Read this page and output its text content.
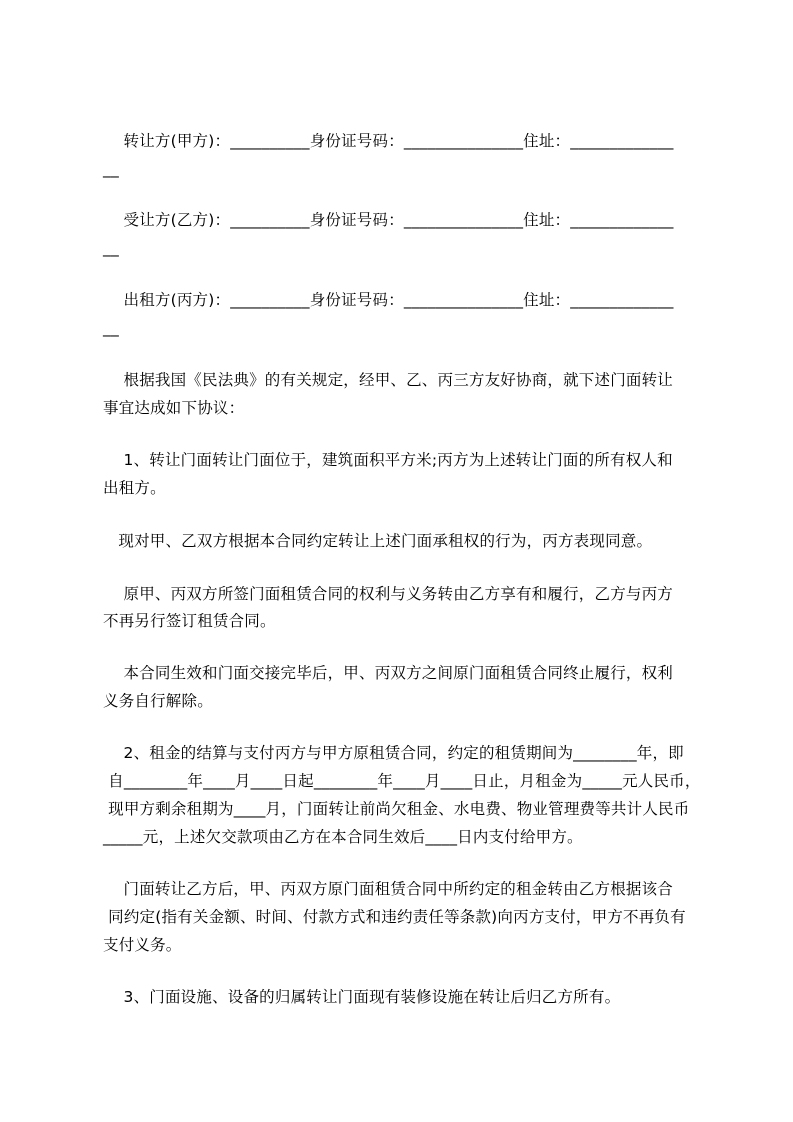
转让方(甲方)：__________身份证号码：_______________住址：_____________
__
受让方(乙方)：__________身份证号码：_______________住址：_____________
__
出租方(丙方)：__________身份证号码：_______________住址：_____________
__
根据我国《民法典》的有关规定，经甲、乙、丙三方友好协商，就下述门面转让
事宜达成如下协议：
1、转让门面转让门面位于，建筑面积平方米;丙方为上述转让门面的所有权人和
出租方。
现对甲、乙双方根据本合同约定转让上述门面承租权的行为，丙方表现同意。
原甲、丙双方所签门面租赁合同的权利与义务转由乙方享有和履行，乙方与丙方
不再另行签订租赁合同。
本合同生效和门面交接完毕后，甲、丙双方之间原门面租赁合同终止履行，权利
义务自行解除。
2、租金的结算与支付丙方与甲方原租赁合同，约定的租赁期间为________年，即
自________年____月____日起________年____月____日止，月租金为_____元人民币，
现甲方剩余租期为____月，门面转让前尚欠租金、水电费、物业管理费等共计人民币
_____元，上述欠交款项由乙方在本合同生效后____日内支付给甲方。
门面转让乙方后，甲、丙双方原门面租赁合同中所约定的租金转由乙方根据该合
同约定(指有关金额、时间、付款方式和违约责任等条款)向丙方支付，甲方不再负有
支付义务。
3、门面设施、设备的归属转让门面现有装修设施在转让后归乙方所有。
